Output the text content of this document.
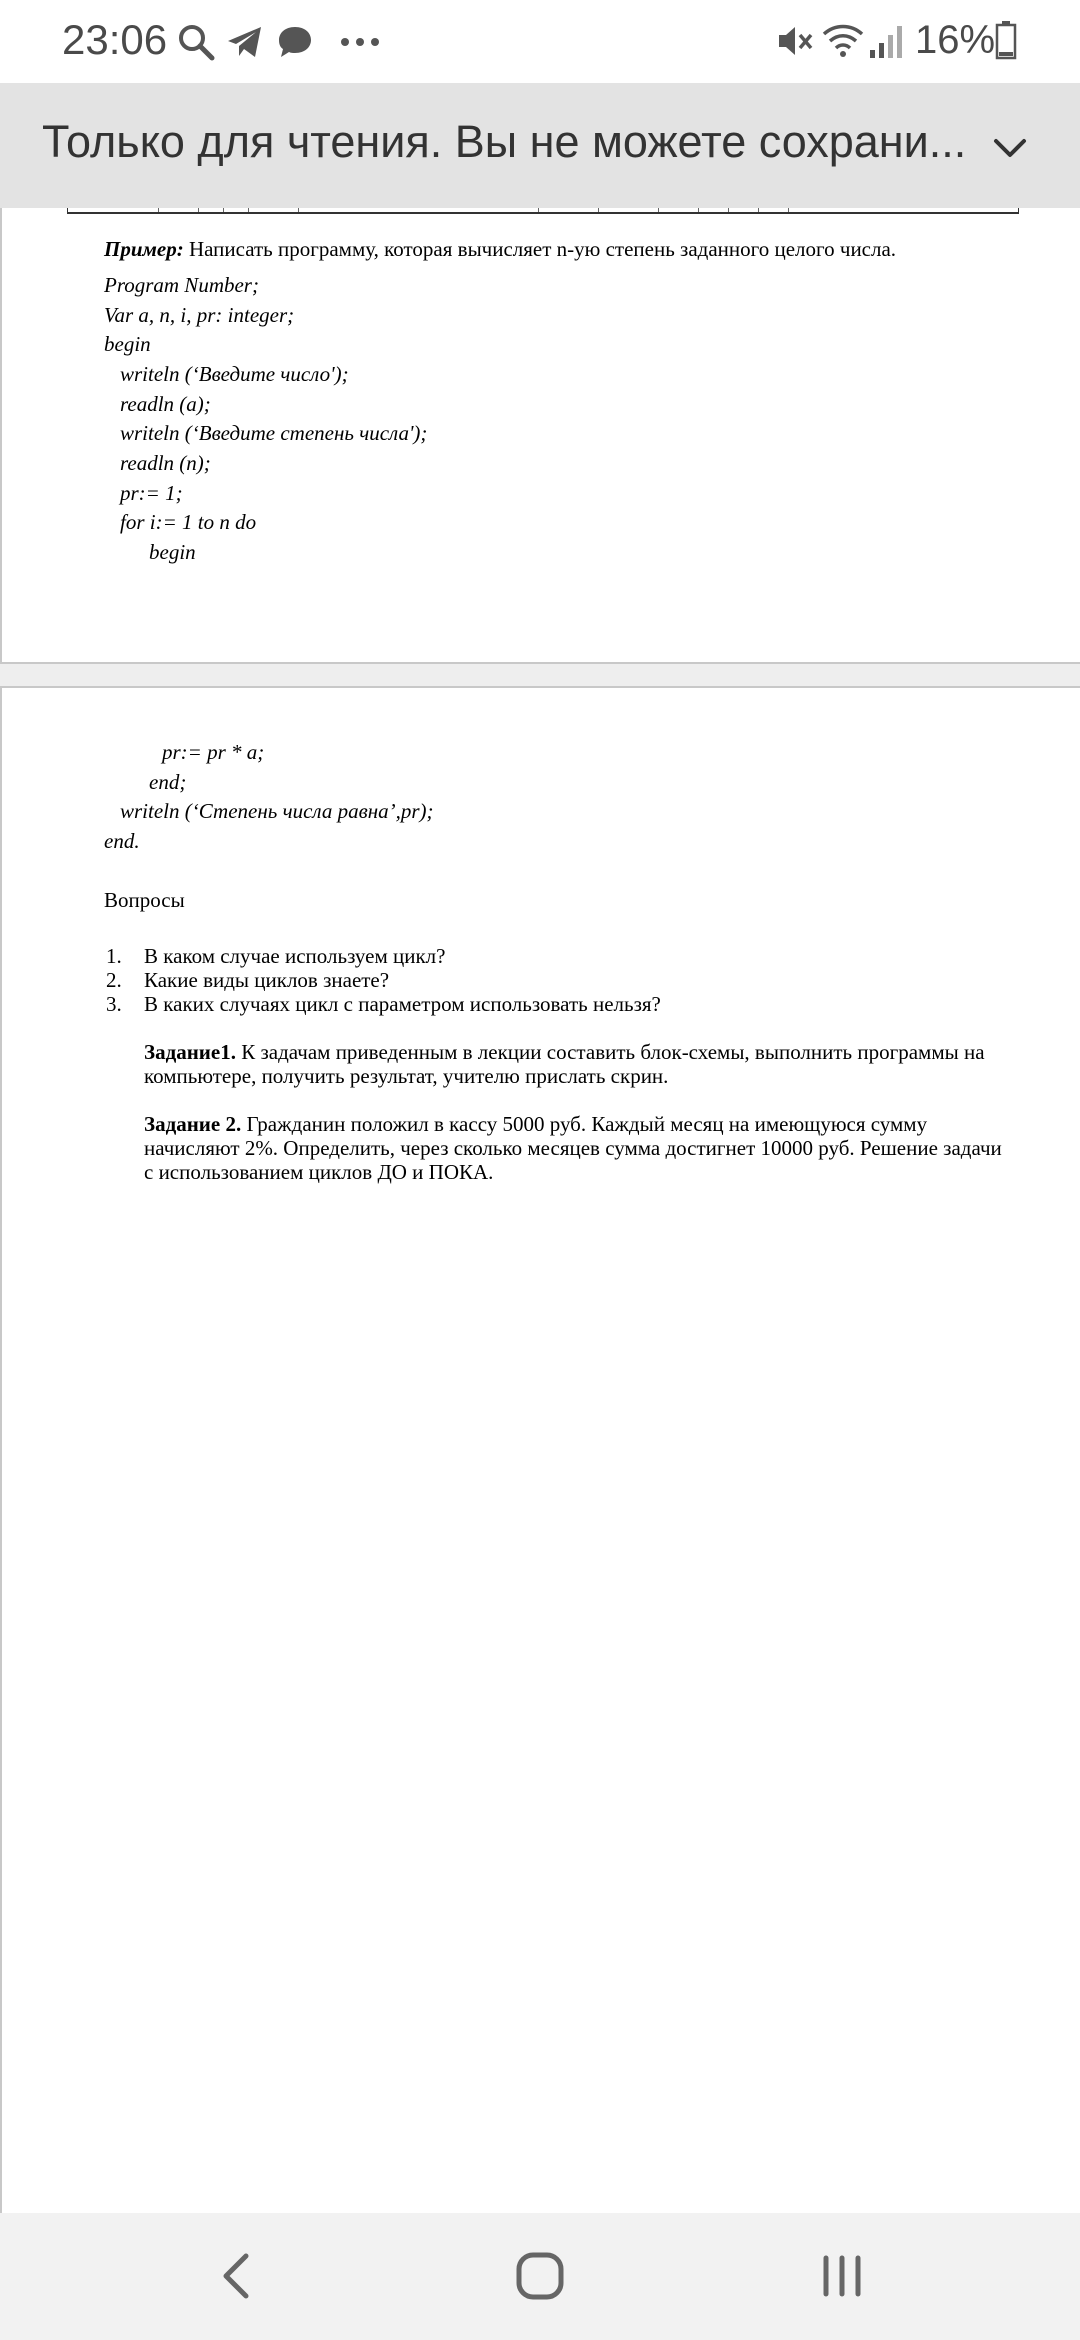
23:06	16%
Только для чтения. Вы не можете сохрани...
Пример: Написать программу, которая вычисляет n-ую степень заданного целого числа.
Program Number;
Var a, n, i, pr: integer;
begin
writeln (‘Введите число');
readln (a);
writeln (‘Введите степень числа');
readln (n);
pr:= 1;
for i:= 1 to n do
begin
pr:= pr * a;
end;
writeln (‘Степень числа равна’,pr);
end.
Вопросы
1. В каком случае используем цикл?
2. Какие виды циклов знаете?
3. В каких случаях цикл с параметром использовать нельзя?
Задание1. К задачам приведенным в лекции составить блок-схемы, выполнить программы на компьютере, получить результат, учителю прислать скрин.
Задание 2. Гражданин положил в кассу 5000 руб. Каждый месяц на имеющуюся сумму начисляют 2%. Определить, через сколько месяцев сумма достигнет 10000 руб. Решение задачи с использованием циклов ДО и ПОКА.
